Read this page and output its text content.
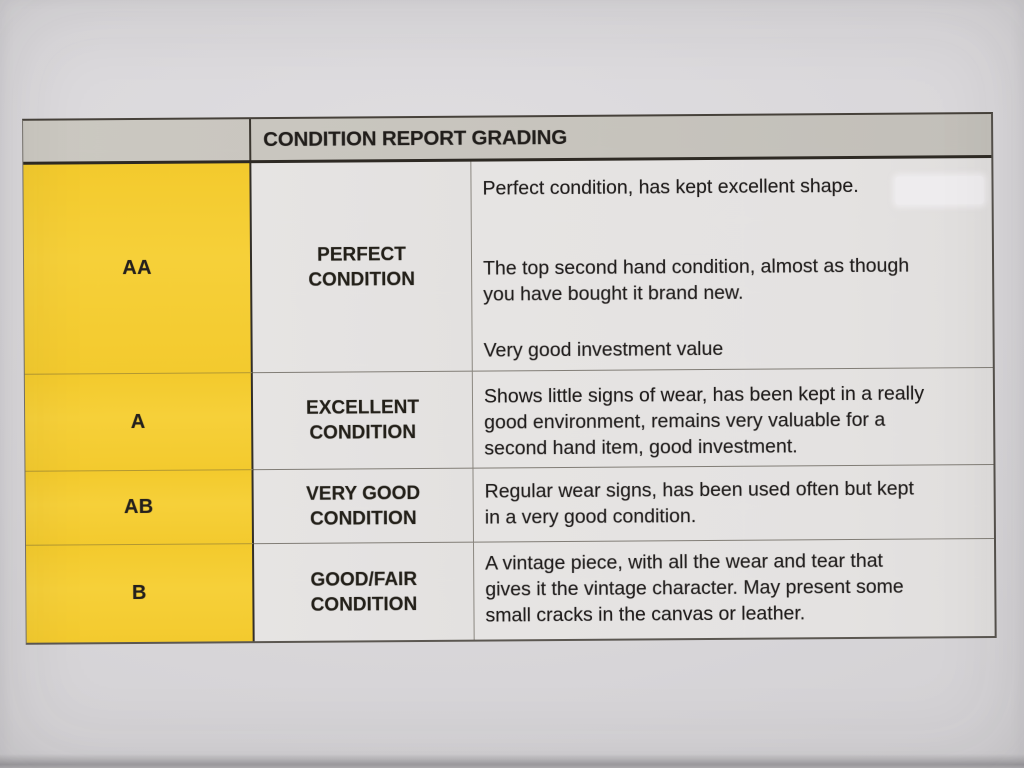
CONDITION REPORT GRADING
AA
PERFECT CONDITION
Perfect condition, has kept excellent shape.
The top second hand condition, almost as though
you have bought it brand new.
Very good investment value
A
EXCELLENT CONDITION
Shows little signs of wear, has been kept in a really
good environment, remains very valuable for a
second hand item, good investment.
AB
VERY GOOD CONDITION
Regular wear signs, has been used often but kept
in a very good condition.
B
GOOD/FAIR CONDITION
A vintage piece, with all the wear and tear that
gives it the vintage character. May present some
small cracks in the canvas or leather.
